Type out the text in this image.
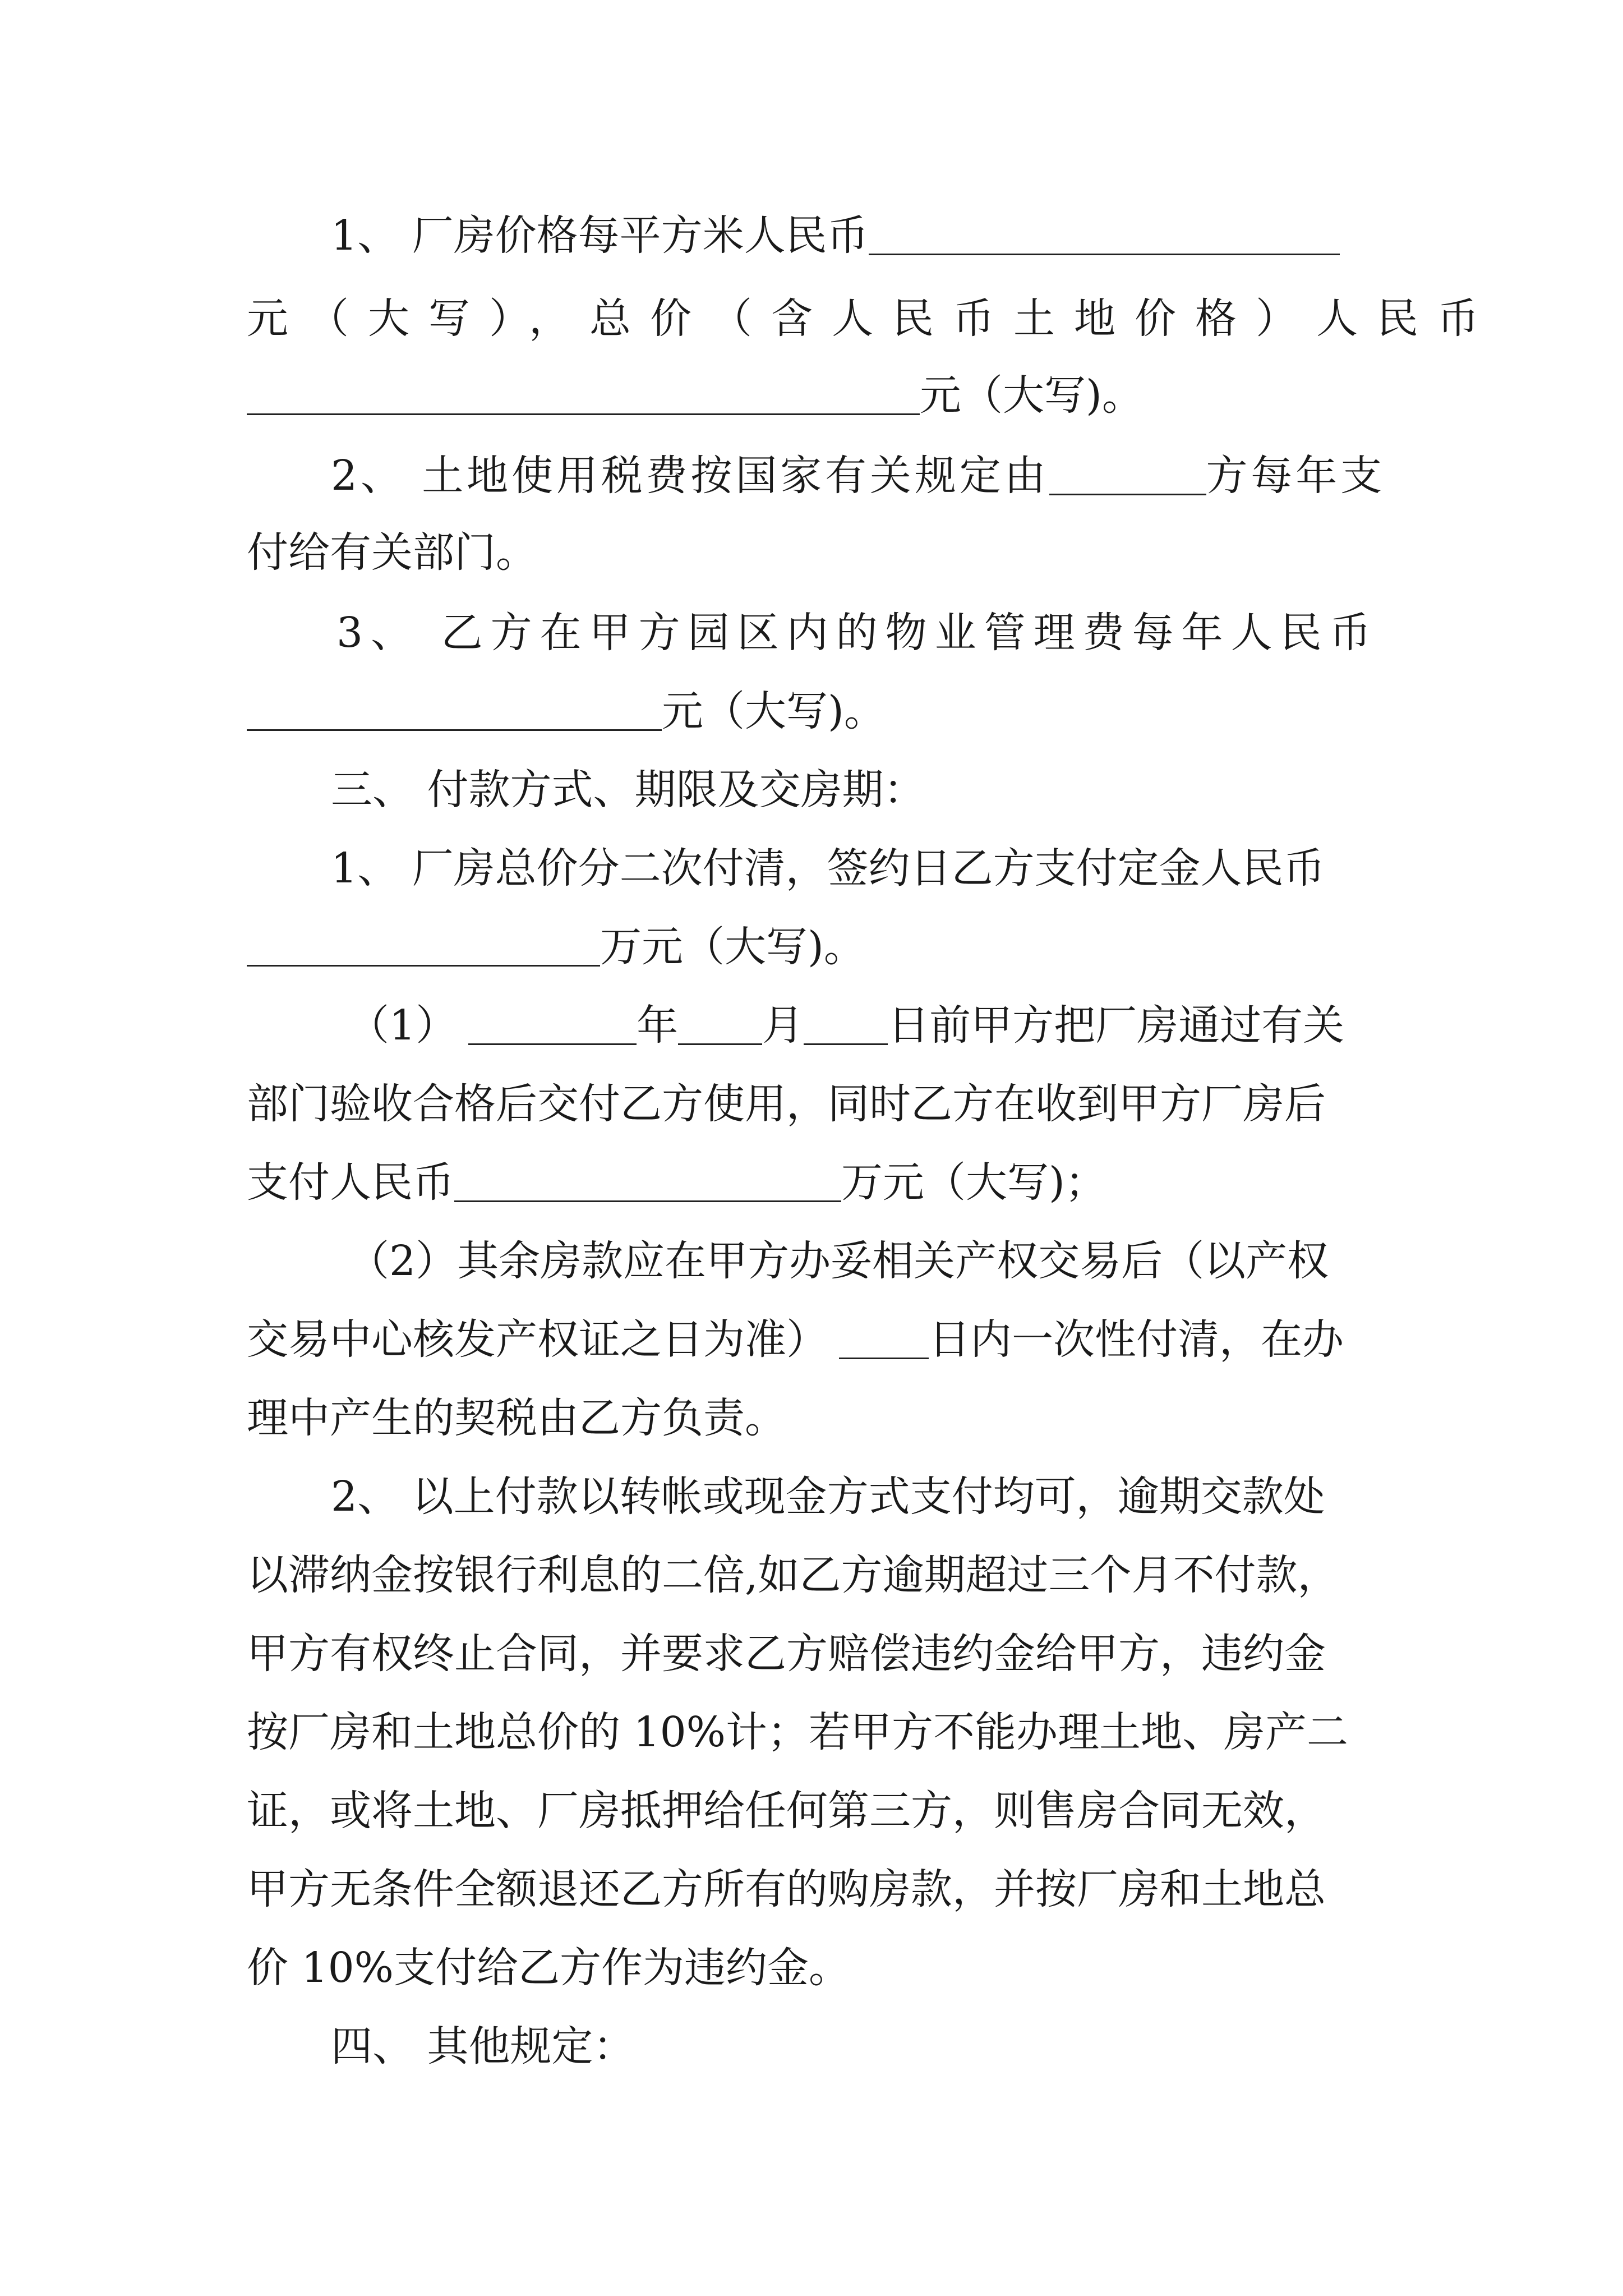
1、 厂房价格每平方米人民币
元（大写），总价（含人民币土地价格）人民币
元（大写)。
2、 土地使用税费按国家有关规定由	方每年支
付给有关部门。
3、 乙方在甲方园区内的物业管理费每年人民币
元（大写)。
三、 付款方式、期限及交房期：
1、 厂房总价分二次付清，签约日乙方支付定金人民币
万元（大写)。
（1）	年 月 日前甲方把厂房通过有关
部门验收合格后交付乙方使用，同时乙方在收到甲方厂房后
支付人民币	万元（大写)；
（2）其余房款应在甲方办妥相关产权交易后（以产权
交易中心核发产权证之日为准） 日内一次性付清，在办
理中产生的契税由乙方负责。
2、 以上付款以转帐或现金方式支付均可，逾期交款处
以滞纳金按银行利息的二倍,如乙方逾期超过三个月不付款，
甲方有权终止合同，并要求乙方赔偿违约金给甲方，违约金
按厂房和土地总价的 10%计；若甲方不能办理土地、房产二
证，或将土地、厂房抵押给任何第三方，则售房合同无效，
甲方无条件全额退还乙方所有的购房款，并按厂房和土地总
价 10%支付给乙方作为违约金。
四、 其他规定：
